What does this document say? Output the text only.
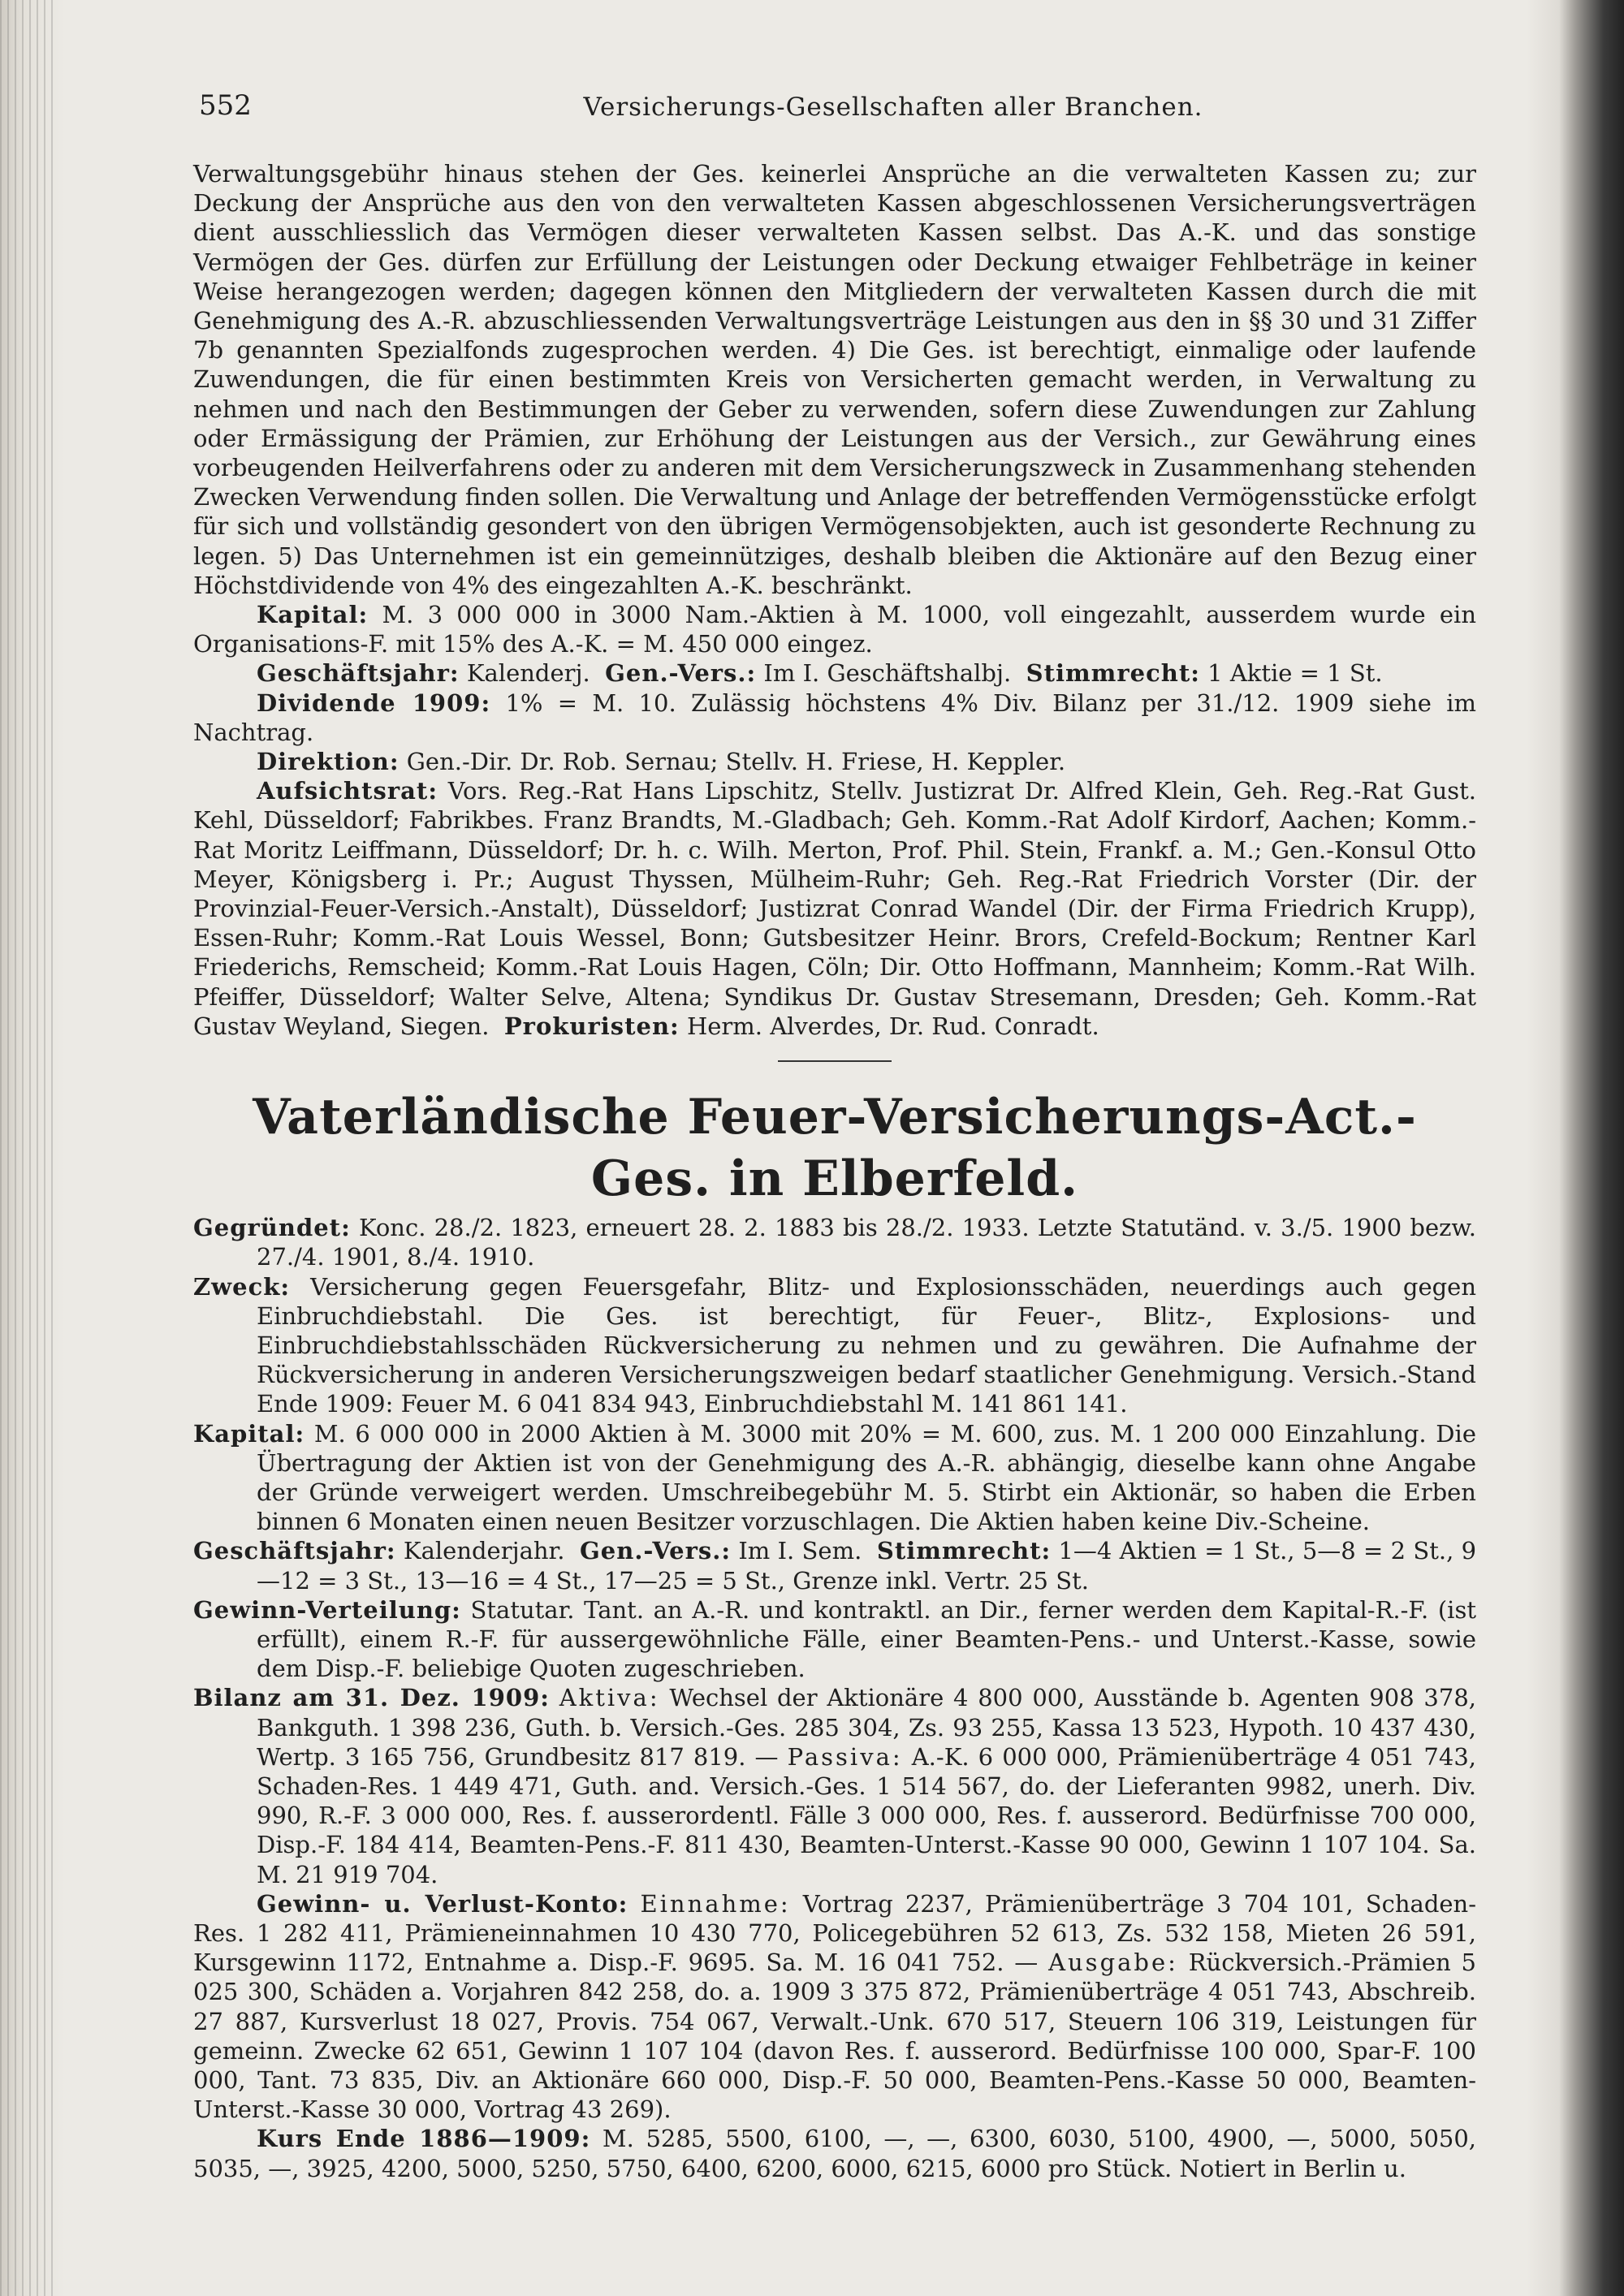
552	Versicherungs-Gesellschaften aller Branchen.

Verwaltungsgebühr hinaus stehen der Ges. keinerlei Ansprüche an die verwalteten Kassen zu; zur Deckung der Ansprüche aus den von den verwalteten Kassen abgeschlossenen Versicherungsverträgen dient ausschliesslich das Vermögen dieser verwalteten Kassen selbst. Das A.-K. und das sonstige Vermögen der Ges. dürfen zur Erfüllung der Leistungen oder Deckung etwaiger Fehlbeträge in keiner Weise herangezogen werden; dagegen können den Mitgliedern der verwalteten Kassen durch die mit Genehmigung des A.-R. abzuschliessenden Verwaltungsverträge Leistungen aus den in §§ 30 und 31 Ziffer 7b genannten Spezialfonds zugesprochen werden. 4) Die Ges. ist berechtigt, einmalige oder laufende Zuwendungen, die für einen bestimmten Kreis von Versicherten gemacht werden, in Verwaltung zu nehmen und nach den Bestimmungen der Geber zu verwenden, sofern diese Zuwendungen zur Zahlung oder Ermässigung der Prämien, zur Erhöhung der Leistungen aus der Versich., zur Gewährung eines vorbeugenden Heilverfahrens oder zu anderen mit dem Versicherungszweck in Zusammenhang stehenden Zwecken Verwendung finden sollen. Die Verwaltung und Anlage der betreffenden Vermögensstücke erfolgt für sich und vollständig gesondert von den übrigen Vermögensobjekten, auch ist gesonderte Rechnung zu legen. 5) Das Unternehmen ist ein gemeinnütziges, deshalb bleiben die Aktionäre auf den Bezug einer Höchstdividende von 4% des eingezahlten A.-K. beschränkt.

Kapital: M. 3 000 000 in 3000 Nam.-Aktien à M. 1000, voll eingezahlt, ausserdem wurde ein Organisations-F. mit 15% des A.-K. = M. 450 000 eingez.

Geschäftsjahr: Kalenderj. Gen.-Vers.: Im I. Geschäftshalbj. Stimmrecht: 1 Aktie = 1 St.

Dividende 1909: 1% = M. 10. Zulässig höchstens 4% Div. Bilanz per 31./12. 1909 siehe im Nachtrag.

Direktion: Gen.-Dir. Dr. Rob. Sernau; Stellv. H. Friese, H. Keppler.

Aufsichtsrat: Vors. Reg.-Rat Hans Lipschitz, Stellv. Justizrat Dr. Alfred Klein, Geh. Reg.-Rat Gust. Kehl, Düsseldorf; Fabrikbes. Franz Brandts, M.-Gladbach; Geh. Komm.-Rat Adolf Kirdorf, Aachen; Komm.-Rat Moritz Leiffmann, Düsseldorf; Dr. h. c. Wilh. Merton, Prof. Phil. Stein, Frankf. a. M.; Gen.-Konsul Otto Meyer, Königsberg i. Pr.; August Thyssen, Mülheim-Ruhr; Geh. Reg.-Rat Friedrich Vorster (Dir. der Provinzial-Feuer-Versich.-Anstalt), Düsseldorf; Justizrat Conrad Wandel (Dir. der Firma Friedrich Krupp), Essen-Ruhr; Komm.-Rat Louis Wessel, Bonn; Gutsbesitzer Heinr. Brors, Crefeld-Bockum; Rentner Karl Friederichs, Remscheid; Komm.-Rat Louis Hagen, Cöln; Dir. Otto Hoffmann, Mannheim; Komm.-Rat Wilh. Pfeiffer, Düsseldorf; Walter Selve, Altena; Syndikus Dr. Gustav Stresemann, Dresden; Geh. Komm.-Rat Gustav Weyland, Siegen. Prokuristen: Herm. Alverdes, Dr. Rud. Conradt.

Vaterländische Feuer-Versicherungs-Act.-Ges. in Elberfeld.

Gegründet: Konc. 28./2. 1823, erneuert 28. 2. 1883 bis 28./2. 1933. Letzte Statutänd. v. 3./5. 1900 bezw. 27./4. 1901, 8./4. 1910.

Zweck: Versicherung gegen Feuersgefahr, Blitz- und Explosionsschäden, neuerdings auch gegen Einbruchdiebstahl. Die Ges. ist berechtigt, für Feuer-, Blitz-, Explosions- und Einbruchdiebstahlsschäden Rückversicherung zu nehmen und zu gewähren. Die Aufnahme der Rückversicherung in anderen Versicherungszweigen bedarf staatlicher Genehmigung. Versich.-Stand Ende 1909: Feuer M. 6 041 834 943, Einbruchdiebstahl M. 141 861 141.

Kapital: M. 6 000 000 in 2000 Aktien à M. 3000 mit 20% = M. 600, zus. M. 1 200 000 Einzahlung. Die Übertragung der Aktien ist von der Genehmigung des A.-R. abhängig, dieselbe kann ohne Angabe der Gründe verweigert werden. Umschreibegebühr M. 5. Stirbt ein Aktionär, so haben die Erben binnen 6 Monaten einen neuen Besitzer vorzuschlagen. Die Aktien haben keine Div.-Scheine.

Geschäftsjahr: Kalenderjahr. Gen.-Vers.: Im I. Sem. Stimmrecht: 1—4 Aktien = 1 St., 5—8 = 2 St., 9—12 = 3 St., 13—16 = 4 St., 17—25 = 5 St., Grenze inkl. Vertr. 25 St.

Gewinn-Verteilung: Statutar. Tant. an A.-R. und kontraktl. an Dir., ferner werden dem Kapital-R.-F. (ist erfüllt), einem R.-F. für aussergewöhnliche Fälle, einer Beamten-Pens.- und Unterst.-Kasse, sowie dem Disp.-F. beliebige Quoten zugeschrieben.

Bilanz am 31. Dez. 1909: Aktiva: Wechsel der Aktionäre 4 800 000, Ausstände b. Agenten 908 378, Bankguth. 1 398 236, Guth. b. Versich.-Ges. 285 304, Zs. 93 255, Kassa 13 523, Hypoth. 10 437 430, Wertp. 3 165 756, Grundbesitz 817 819. — Passiva: A.-K. 6 000 000, Prämienüberträge 4 051 743, Schaden-Res. 1 449 471, Guth. and. Versich.-Ges. 1 514 567, do. der Lieferanten 9982, unerh. Div. 990, R.-F. 3 000 000, Res. f. ausserordentl. Fälle 3 000 000, Res. f. ausserord. Bedürfnisse 700 000, Disp.-F. 184 414, Beamten-Pens.-F. 811 430, Beamten-Unterst.-Kasse 90 000, Gewinn 1 107 104. Sa. M. 21 919 704.

Gewinn- u. Verlust-Konto: Einnahme: Vortrag 2237, Prämienüberträge 3 704 101, Schaden-Res. 1 282 411, Prämieneinnahmen 10 430 770, Policegebühren 52 613, Zs. 532 158, Mieten 26 591, Kursgewinn 1172, Entnahme a. Disp.-F. 9695. Sa. M. 16 041 752. — Ausgabe: Rückversich.-Prämien 5 025 300, Schäden a. Vorjahren 842 258, do. a. 1909 3 375 872, Prämienüberträge 4 051 743, Abschreib. 27 887, Kursverlust 18 027, Provis. 754 067, Verwalt.-Unk. 670 517, Steuern 106 319, Leistungen für gemeinn. Zwecke 62 651, Gewinn 1 107 104 (davon Res. f. ausserord. Bedürfnisse 100 000, Spar-F. 100 000, Tant. 73 835, Div. an Aktionäre 660 000, Disp.-F. 50 000, Beamten-Pens.-Kasse 50 000, Beamten-Unterst.-Kasse 30 000, Vortrag 43 269).

Kurs Ende 1886—1909: M. 5285, 5500, 6100, —, —, 6300, 6030, 5100, 4900, —, 5000, 5050, 5035, —, 3925, 4200, 5000, 5250, 5750, 6400, 6200, 6000, 6215, 6000 pro Stück. Notiert in Berlin u.
